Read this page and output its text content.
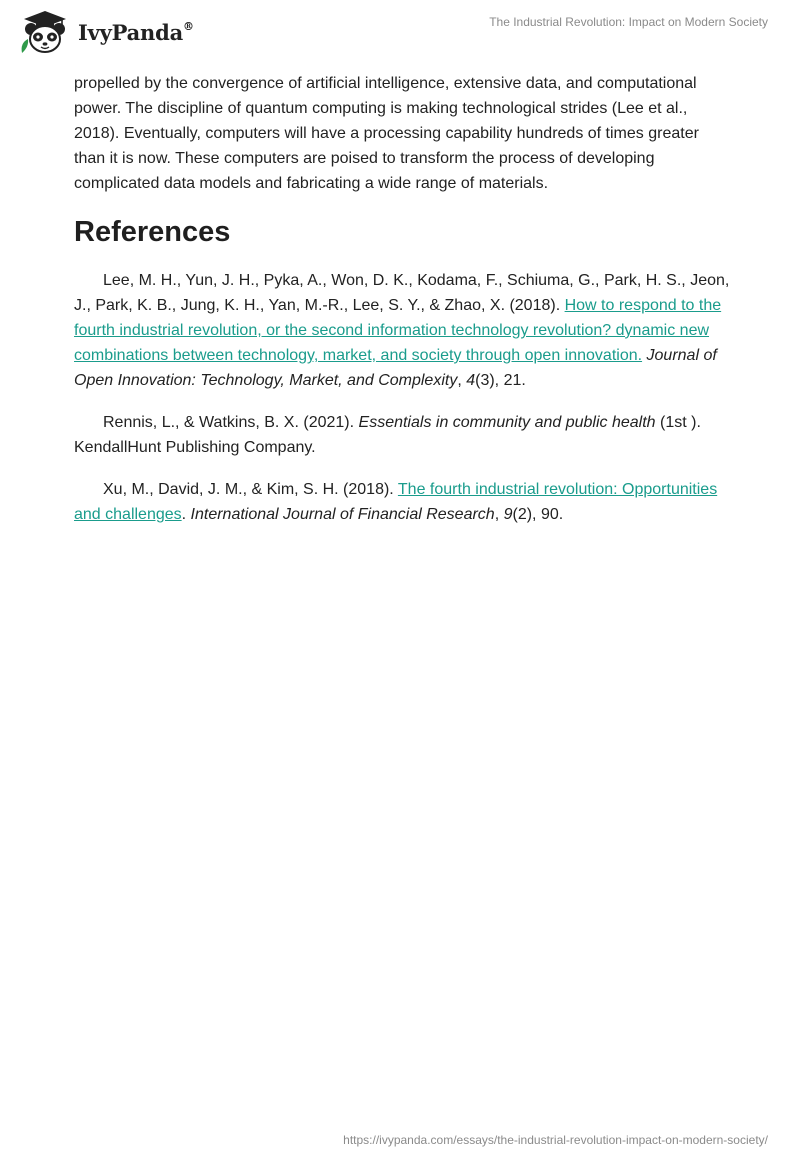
IvyPanda®	The Industrial Revolution: Impact on Modern Society

propelled by the convergence of artificial intelligence, extensive data, and computational power. The discipline of quantum computing is making technological strides (Lee et al., 2018). Eventually, computers will have a processing capability hundreds of times greater than it is now. These computers are poised to transform the process of developing complicated data models and fabricating a wide range of materials.

References

Lee, M. H., Yun, J. H., Pyka, A., Won, D. K., Kodama, F., Schiuma, G., Park, H. S., Jeon, J., Park, K. B., Jung, K. H., Yan, M.-R., Lee, S. Y., & Zhao, X. (2018). How to respond to the fourth industrial revolution, or the second information technology revolution? dynamic new combinations between technology, market, and society through open innovation. Journal of Open Innovation: Technology, Market, and Complexity, 4(3), 21.

Rennis, L., & Watkins, B. X. (2021). Essentials in community and public health (1st ). KendallHunt Publishing Company.

Xu, M., David, J. M., & Kim, S. H. (2018). The fourth industrial revolution: Opportunities and challenges. International Journal of Financial Research, 9(2), 90.

https://ivypanda.com/essays/the-industrial-revolution-impact-on-modern-society/
